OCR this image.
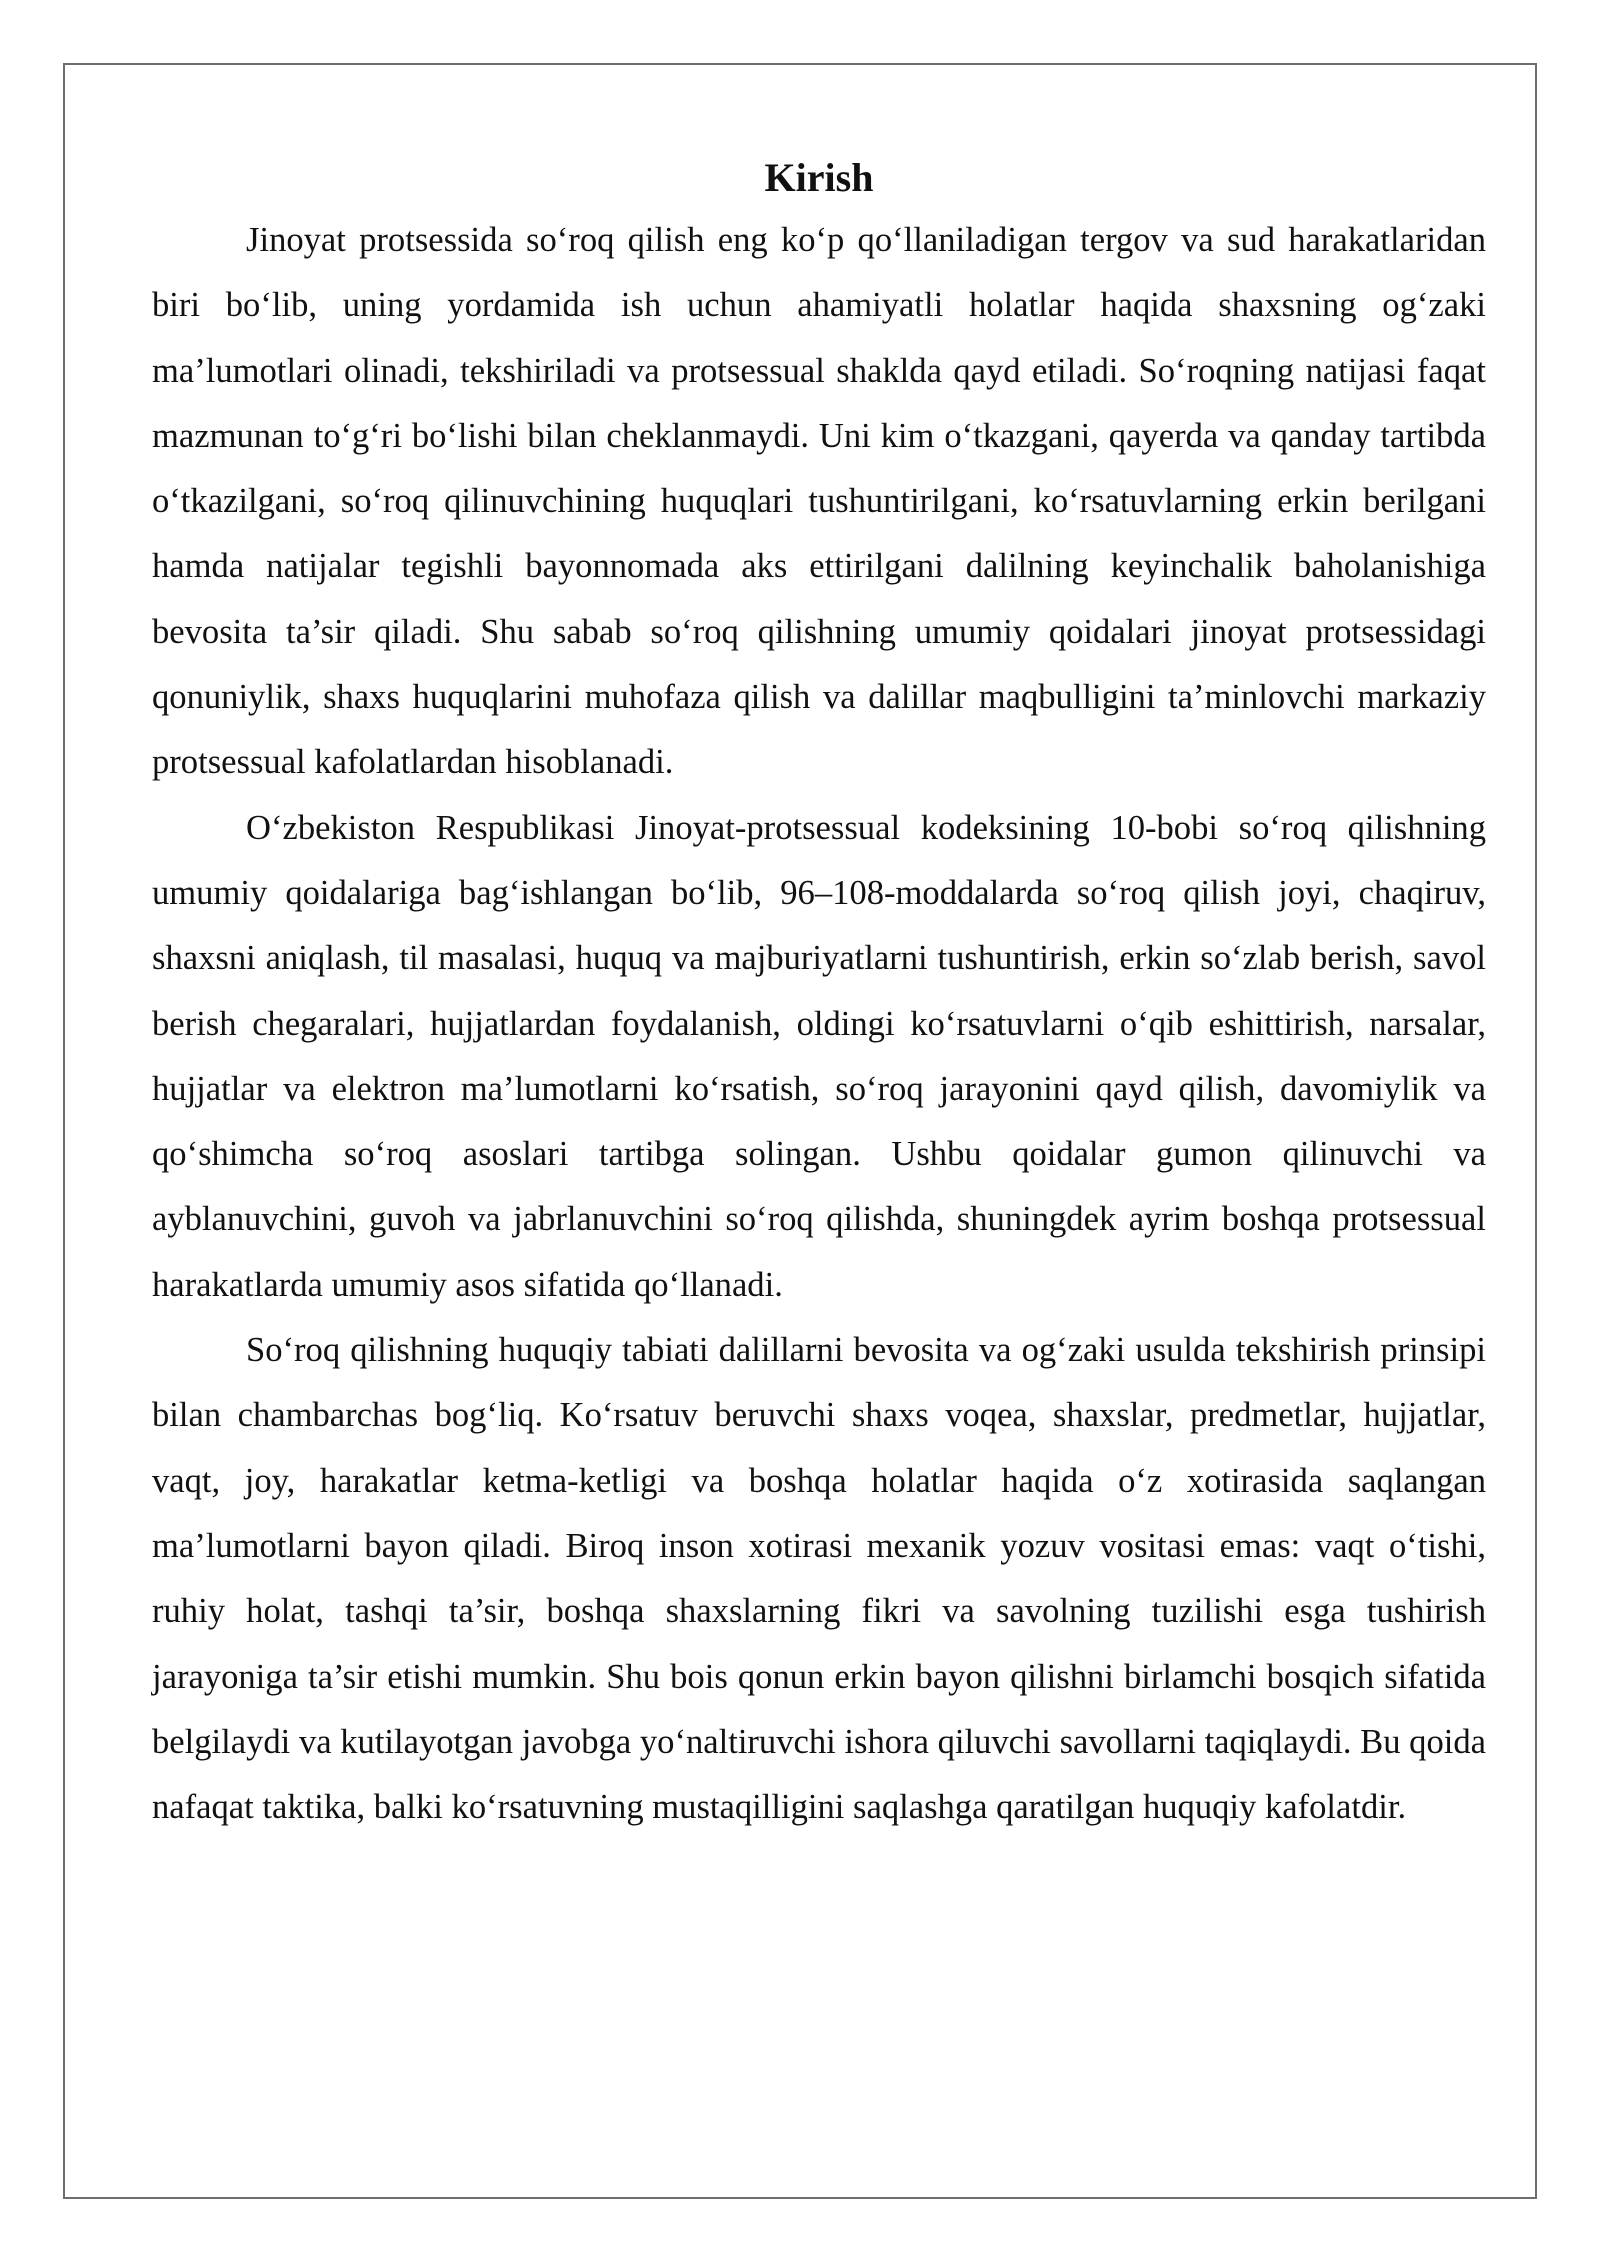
Kirish

Jinoyat protsessida so‘roq qilish eng ko‘p qo‘llaniladigan tergov va sud harakatlaridan biri bo‘lib, uning yordamida ish uchun ahamiyatli holatlar haqida shaxsning og‘zaki ma’lumotlari olinadi, tekshiriladi va protsessual shaklda qayd etiladi. So‘roqning natijasi faqat mazmunan to‘g‘ri bo‘lishi bilan cheklanmaydi. Uni kim o‘tkazgani, qayerda va qanday tartibda o‘tkazilgani, so‘roq qilinuvchining huquqlari tushuntirilgani, ko‘rsatuvlarning erkin berilgani hamda natijalar tegishli bayonnomada aks ettirilgani dalilning keyinchalik baholanishiga bevosita ta’sir qiladi. Shu sabab so‘roq qilishning umumiy qoidalari jinoyat protsessidagi qonuniylik, shaxs huquqlarini muhofaza qilish va dalillar maqbulligini ta’minlovchi markaziy protsessual kafolatlardan hisoblanadi.

O‘zbekiston Respublikasi Jinoyat-protsessual kodeksining 10-bobi so‘roq qilishning umumiy qoidalariga bag‘ishlangan bo‘lib, 96–108-moddalarda so‘roq qilish joyi, chaqiruv, shaxsni aniqlash, til masalasi, huquq va majburiyatlarni tushuntirish, erkin so‘zlab berish, savol berish chegaralari, hujjatlardan foydalanish, oldingi ko‘rsatuvlarni o‘qib eshittirish, narsalar, hujjatlar va elektron ma’lumotlarni ko‘rsatish, so‘roq jarayonini qayd qilish, davomiylik va qo‘shimcha so‘roq asoslari tartibga solingan. Ushbu qoidalar gumon qilinuvchi va ayblanuvchini, guvoh va jabrlanuvchini so‘roq qilishda, shuningdek ayrim boshqa protsessual harakatlarda umumiy asos sifatida qo‘llanadi.

So‘roq qilishning huquqiy tabiati dalillarni bevosita va og‘zaki usulda tekshirish prinsipi bilan chambarchas bog‘liq. Ko‘rsatuv beruvchi shaxs voqea, shaxslar, predmetlar, hujjatlar, vaqt, joy, harakatlar ketma-ketligi va boshqa holatlar haqida o‘z xotirasida saqlangan ma’lumotlarni bayon qiladi. Biroq inson xotirasi mexanik yozuv vositasi emas: vaqt o‘tishi, ruhiy holat, tashqi ta’sir, boshqa shaxslarning fikri va savolning tuzilishi esga tushirish jarayoniga ta’sir etishi mumkin. Shu bois qonun erkin bayon qilishni birlamchi bosqich sifatida belgilaydi va kutilayotgan javobga yo‘naltiruvchi ishora qiluvchi savollarni taqiqlaydi. Bu qoida nafaqat taktika, balki ko‘rsatuvning mustaqilligini saqlashga qaratilgan huquqiy kafolatdir.
